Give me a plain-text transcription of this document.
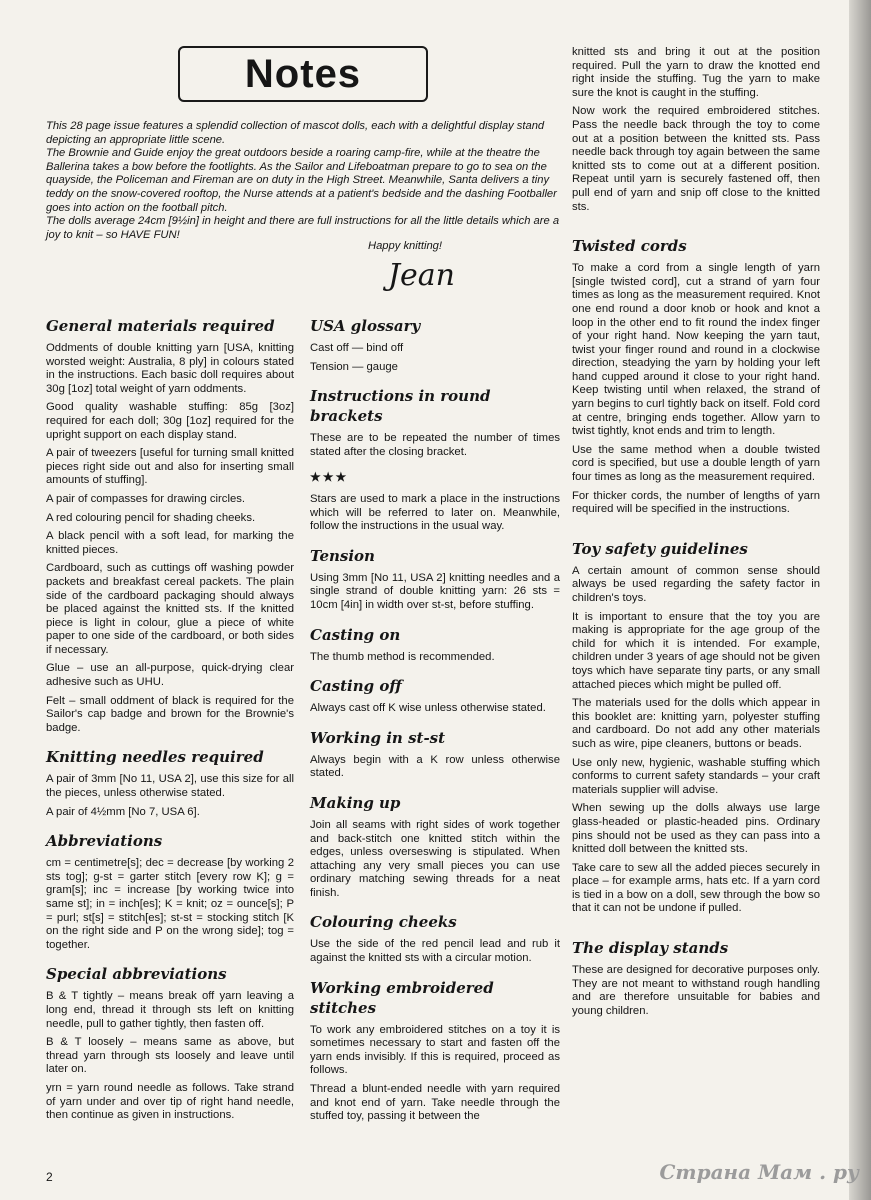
Notes

This 28 page issue features a splendid collection of mascot dolls, each with a delightful display stand depicting an appropriate little scene.

The Brownie and Guide enjoy the great outdoors beside a roaring camp-fire, while at the theatre the Ballerina takes a bow before the footlights. As the Sailor and Lifeboatman prepare to go to sea on the quayside, the Policeman and Fireman are on duty in the High Street. Meanwhile, Santa delivers a tiny teddy on the snow-covered rooftop, the Nurse attends at a patient's bedside and the dashing Footballer goes into action on the football pitch.

The dolls average 24cm [9½in] in height and there are full instructions for all the little details which are a joy to knit – so HAVE FUN!

Happy knitting!
Jean
General materials required

Oddments of double knitting yarn [USA, knitting worsted weight: Australia, 8 ply] in colours stated in the instructions. Each basic doll requires about 30g [1oz] total weight of yarn oddments.

Good quality washable stuffing: 85g [3oz] required for each doll; 30g [1oz] required for the upright support on each display stand.

A pair of tweezers [useful for turning small knitted pieces right side out and also for inserting small amounts of stuffing].

A pair of compasses for drawing circles.

A red colouring pencil for shading cheeks.

A black pencil with a soft lead, for marking the knitted pieces.

Cardboard, such as cuttings off washing powder packets and breakfast cereal packets. The plain side of the cardboard packaging should always be placed against the knitted sts. If the knitted piece is light in colour, glue a piece of white paper to one side of the cardboard, or both sides if necessary.

Glue – use an all-purpose, quick-drying clear adhesive such as UHU.

Felt – small oddment of black is required for the Sailor's cap badge and brown for the Brownie's badge.

Knitting needles required

A pair of 3mm [No 11, USA 2], use this size for all the pieces, unless otherwise stated.

A pair of 4½mm [No 7, USA 6].

Abbreviations

cm = centimetre[s]; dec = decrease [by working 2 sts tog]; g-st = garter stitch [every row K]; g = gram[s]; inc = increase [by working twice into same st]; in = inch[es]; K = knit; oz = ounce[s]; P = purl; st[s] = stitch[es]; st-st = stocking stitch [K on the right side and P on the wrong side]; tog = together.

Special abbreviations

B & T tightly – means break off yarn leaving a long end, thread it through sts left on knitting needle, pull to gather tightly, then fasten off.

B & T loosely – means same as above, but thread yarn through sts loosely and leave until later on.

yrn = yarn round needle as follows. Take strand of yarn under and over tip of right hand needle, then continue as given in instructions.

USA glossary

Cast off — bind off

Tension — gauge

Instructions in round brackets

These are to be repeated the number of times stated after the closing bracket.

★★★

Stars are used to mark a place in the instructions which will be referred to later on. Meanwhile, follow the instructions in the usual way.

Tension

Using 3mm [No 11, USA 2] knitting needles and a single strand of double knitting yarn: 26 sts = 10cm [4in] in width over st-st, before stuffing.

Casting on

The thumb method is recommended.

Casting off

Always cast off K wise unless otherwise stated.

Working in st-st

Always begin with a K row unless otherwise stated.

Making up

Join all seams with right sides of work together and back-stitch one knitted stitch within the edges, unless overseswing is stipulated. When attaching any very small pieces you can use ordinary matching sewing threads for a neat finish.

Colouring cheeks

Use the side of the red pencil lead and rub it against the knitted sts with a circular motion.

Working embroidered stitches

To work any embroidered stitches on a toy it is sometimes necessary to start and fasten off the yarn ends invisibly. If this is required, proceed as follows.

Thread a blunt-ended needle with yarn required and knot end of yarn. Take needle through the stuffed toy, passing it between the

knitted sts and bring it out at the position required. Pull the yarn to draw the knotted end right inside the stuffing. Tug the yarn to make sure the knot is caught in the stuffing.

Now work the required embroidered stitches. Pass the needle back through the toy to come out at a position between the knitted sts. Pass needle back through toy again between the same knitted sts to come out at a different position. Repeat until yarn is securely fastened off, then pull end of yarn and snip off close to the knitted sts.

Twisted cords

To make a cord from a single length of yarn [single twisted cord], cut a strand of yarn four times as long as the measurement required. Knot one end round a door knob or hook and knot a loop in the other end to fit round the index finger of your right hand. Now keeping the yarn taut, twist your finger round and round in a clockwise direction, steadying the yarn by holding your left hand cupped around it close to your right hand. Keep twisting until when relaxed, the strand of yarn begins to curl tightly back on itself. Fold cord at centre, bringing ends together. Allow yarn to twist tightly, knot ends and trim to length.

Use the same method when a double twisted cord is specified, but use a double length of yarn four times as long as the measurement required.

For thicker cords, the number of lengths of yarn required will be specified in the instructions.

Toy safety guidelines

A certain amount of common sense should always be used regarding the safety factor in children's toys.

It is important to ensure that the toy you are making is appropriate for the age group of the child for which it is intended. For example, children under 3 years of age should not be given toys which have separate tiny parts, or any small attached pieces which might be pulled off.

The materials used for the dolls which appear in this booklet are: knitting yarn, polyester stuffing and cardboard. Do not add any other materials such as wire, pipe cleaners, buttons or beads.

Use only new, hygienic, washable stuffing which conforms to current safety standards – your craft materials supplier will advise.

When sewing up the dolls always use large glass-headed or plastic-headed pins. Ordinary pins should not be used as they can pass into a knitted doll between the knitted sts.

Take care to sew all the added pieces securely in place – for example arms, hats etc. If a yarn cord is tied in a bow on a doll, sew through the bow so that it can not be undone if pulled.

The display stands

These are designed for decorative purposes only. They are not meant to withstand rough handling and are therefore unsuitable for babies and young children.

2	Страна Мам . ру
